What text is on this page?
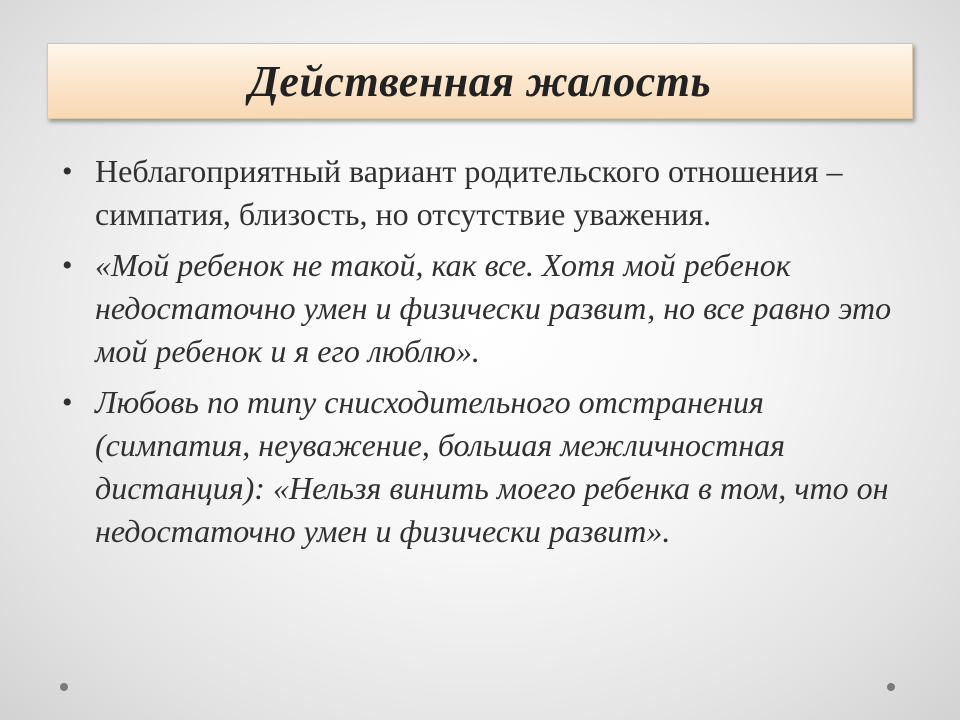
Действенная жалость
• Неблагоприятный вариант родительского отношения – симпатия, близость, но отсутствие уважения.
• «Мой ребенок не такой, как все. Хотя мой ребенок недостаточно умен и физически развит, но все равно это мой ребенок и я его люблю».
• Любовь по типу снисходительного отстранения (симпатия, неуважение, большая межличностная дистанция): «Нельзя винить моего ребенка в том, что он недостаточно умен и физически развит».
